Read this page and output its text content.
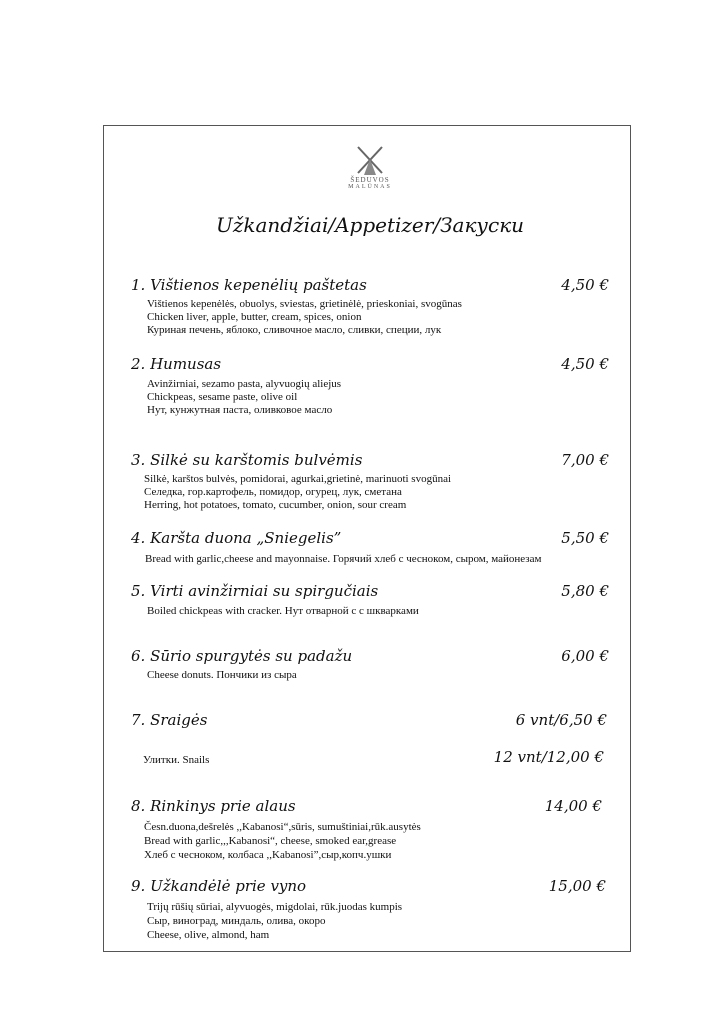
ŠEDUVOS
MALŪNAS
Užkandžiai/Appetizer/Закуски
1. Vištienos kepenėlių paštetas	4,50 €
Vištienos kepenėlės, obuolys, sviestas, grietinėlė, prieskoniai, svogūnas
Chicken liver, apple, butter, cream, spices, onion
Куриная печень, яблоко, сливочное масло, сливки, специи, лук
2. Humusas	4,50 €
Avinžirniai, sezamo pasta, alyvuogių aliejus
Chickpeas, sesame paste, olive oil
Нут, кунжутная паста, оливковое масло
3. Silkė su karštomis bulvėmis	7,00 €
Silkė, karštos bulvės, pomidorai, agurkai,grietinė, marinuoti svogūnai
Селедка, гор.картофель, помидор, огурец, лук, сметана
Herring, hot potatoes, tomato, cucumber, onion, sour cream
4. Karšta duona „Sniegelis”	5,50 €
Bread with garlic,cheese and mayonnaise. Горячий хлеб с чесноком, сыром, майонезам
5. Virti avinžirniai su spirgučiais	5,80 €
Boiled chickpeas with cracker. Нут отварной с с шкварками
6. Sūrio spurgytės su padažu	6,00 €
Cheese donuts. Пончики из сыра
7. Sraigės	6 vnt/6,50 €
Улитки. Snails	12 vnt/12,00 €
8. Rinkinys prie alaus	14,00 €
Česn.duona,dešrelės ,,Kabanosi“,sūris, sumuštiniai,rūk.ausytės
Bread with garlic,,,Kabanosi“, cheese, smoked ear,grease
Хлеб с чесноком, колбаса ,,Kabanosi”,сыр,копч.ушки
9. Užkandėlė prie vyno	15,00 €
Trijų rūšių sūriai, alyvuogės, migdolai, rūk.juodas kumpis
Сыр, виноград, миндаль, олива, окоро
Cheese, olive, almond, ham
